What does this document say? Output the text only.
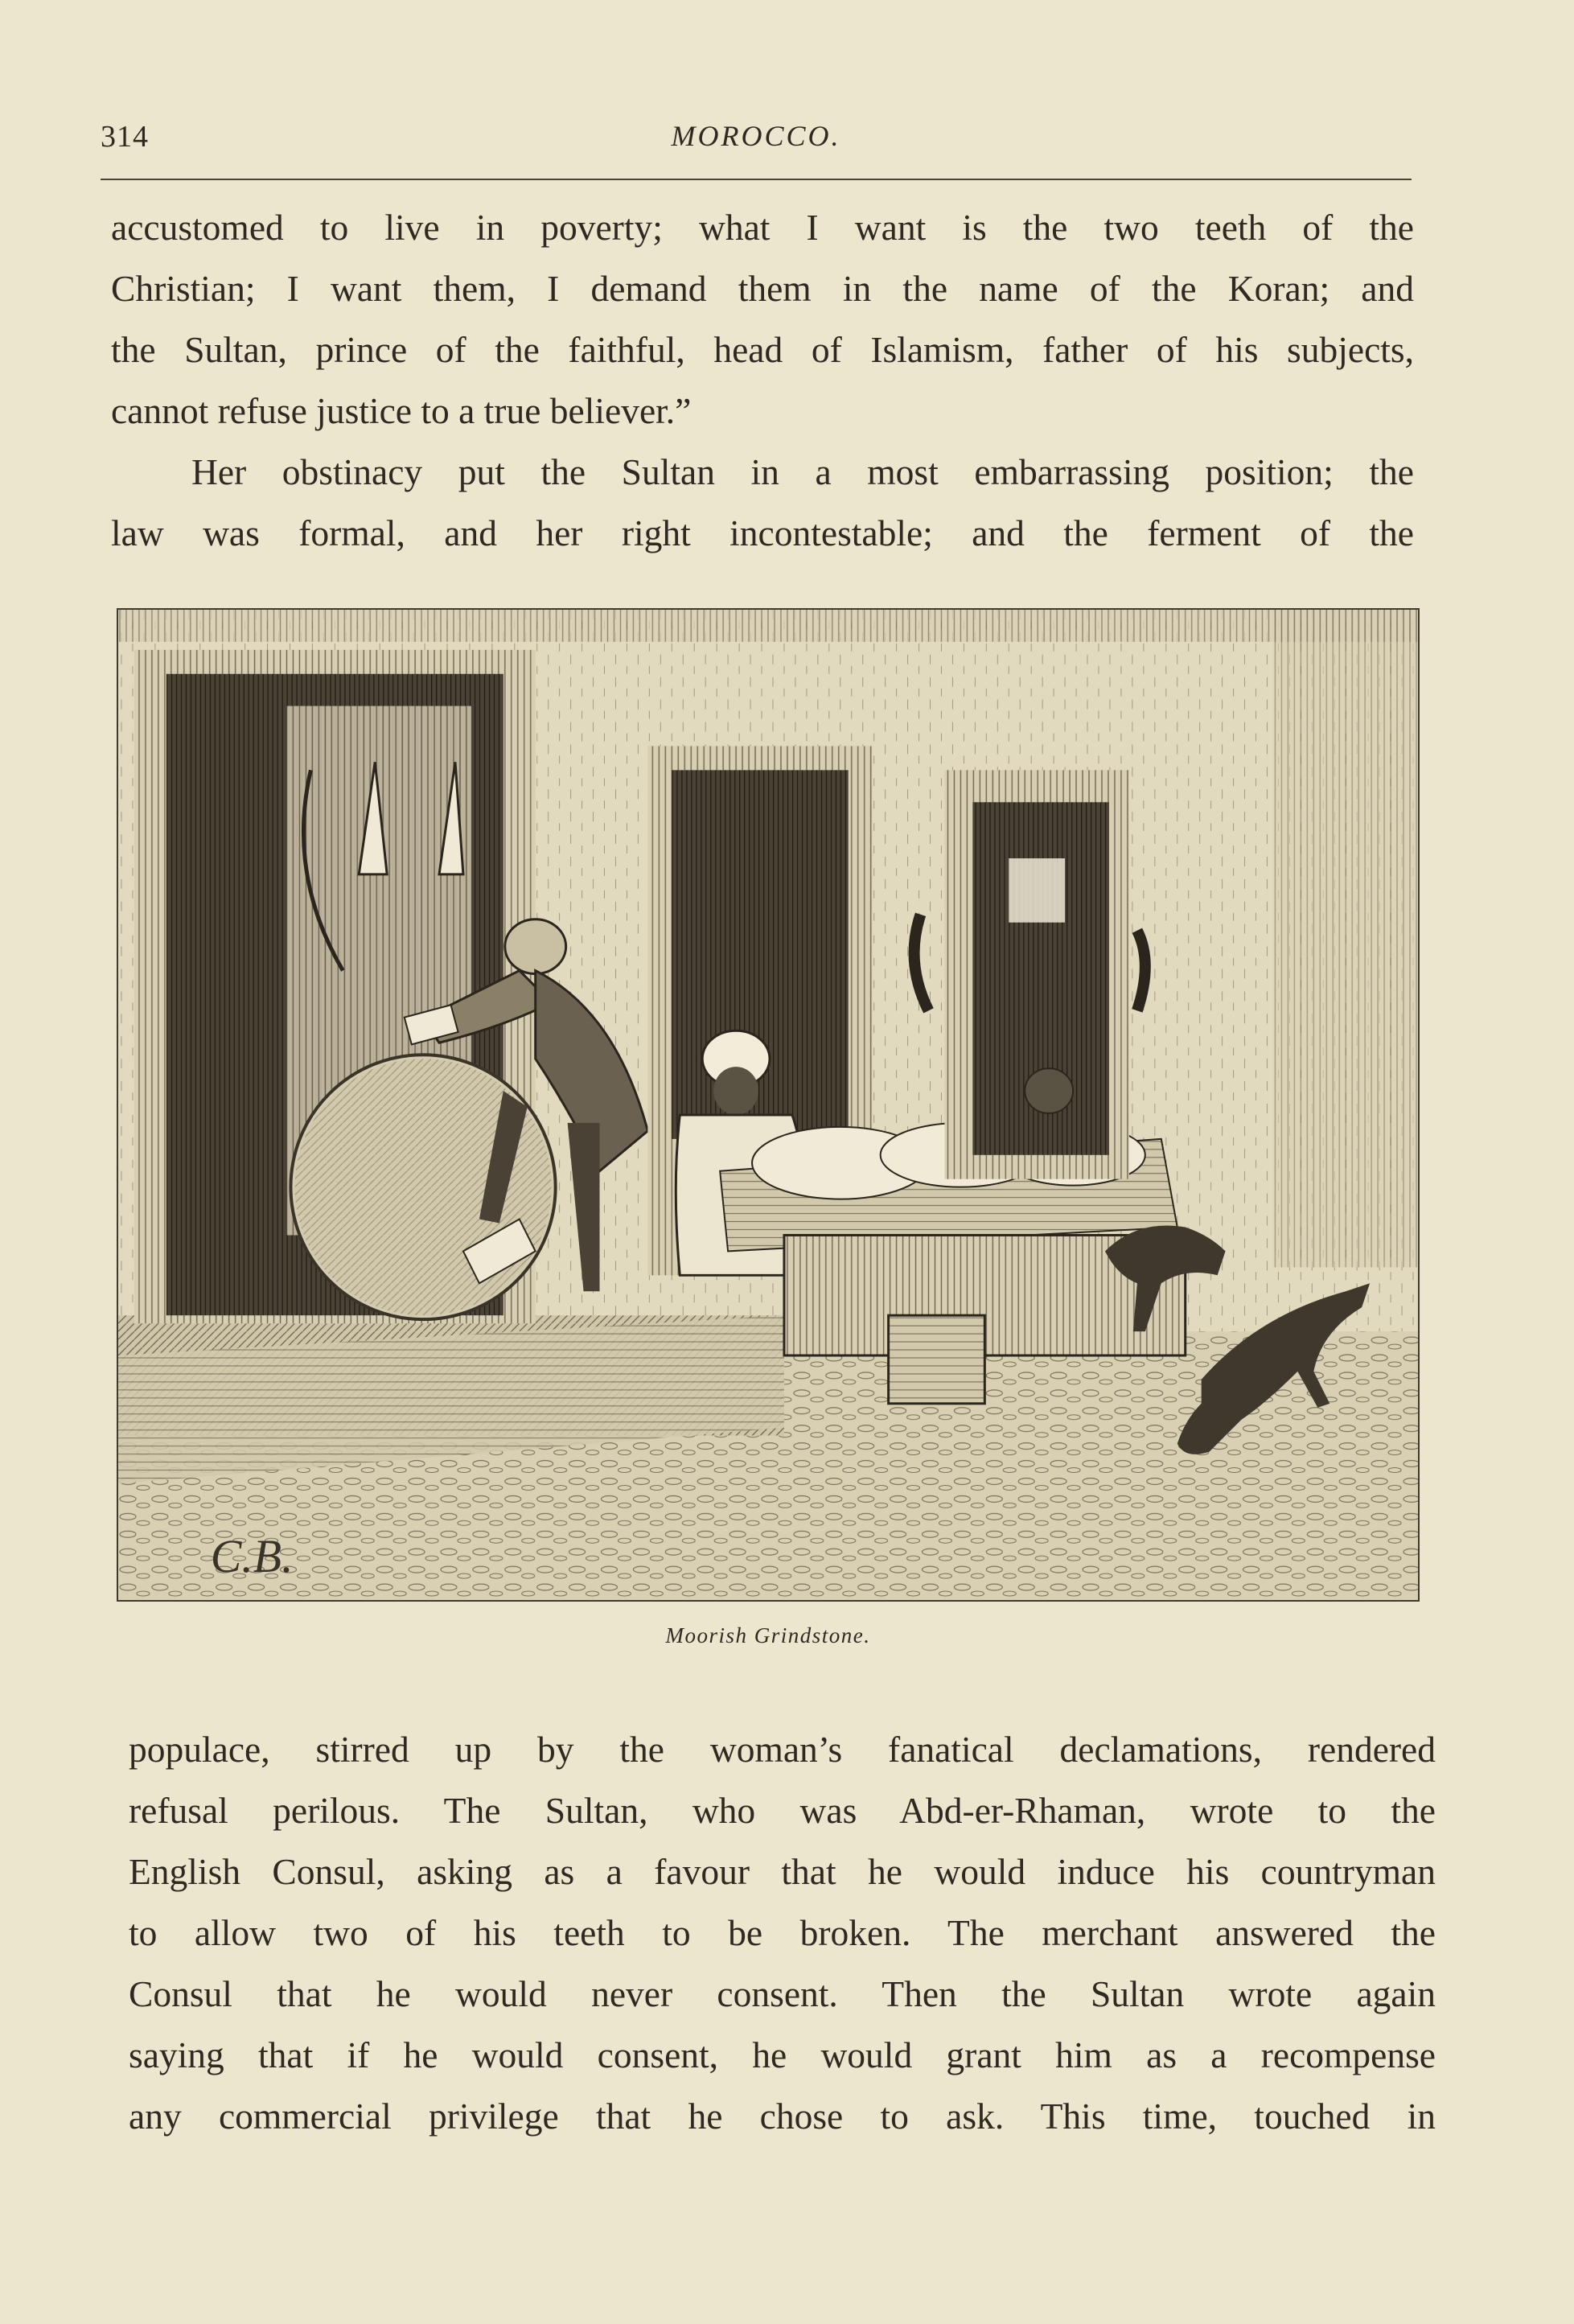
314	MOROCCO.

accustomed to live in poverty; what I want is the two teeth of the
Christian; I want them, I demand them in the name of the Koran; and
the Sultan, prince of the faithful, head of Islamism, father of his subjects,
cannot refuse justice to a true believer.”

Her obstinacy put the Sultan in a most embarrassing position; the
law was formal, and her right incontestable; and the ferment of the

C.B.
Moorish Grindstone.

populace, stirred up by the woman’s fanatical declamations, rendered
refusal perilous. The Sultan, who was Abd-er-Rhaman, wrote to the
English Consul, asking as a favour that he would induce his countryman
to allow two of his teeth to be broken. The merchant answered the
Consul that he would never consent. Then the Sultan wrote again
saying that if he would consent, he would grant him as a recompense
any commercial privilege that he chose to ask. This time, touched in
